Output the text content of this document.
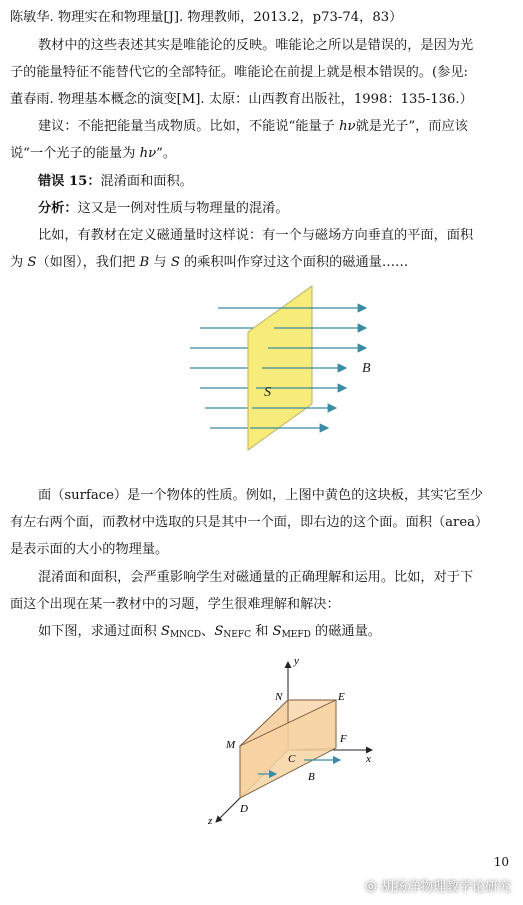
陈敏华. 物理实在和物理量[J]. 物理教师，2013.2，p73-74，83）
教材中的这些表述其实是唯能论的反映。唯能论之所以是错误的，是因为光
子的能量特征不能替代它的全部特征。唯能论在前提上就是根本错误的。(参见:
董春雨. 物理基本概念的演变[M]. 太原：山西教育出版社，1998：135-136.）
建议：不能把能量当成物质。比如，不能说“能量子 hν就是光子”，而应该
说“一个光子的能量为 hν”。
错误 15：混淆面和面积。
分析：这又是一例对性质与物理量的混淆。
比如，有教材在定义磁通量时这样说：有一个与磁场方向垂直的平面，面积
为 S（如图），我们把 B 与 S 的乘积叫作穿过这个面积的磁通量……
S
B
面（surface）是一个物体的性质。例如，上图中黄色的这块板，其实它至少
有左右两个面，而教材中选取的只是其中一个面，即右边的这个面。面积（area）
是表示面的大小的物理量。
混淆面和面积，会严重影响学生对磁通量的正确理解和运用。比如，对于下
面这个出现在某一教材中的习题，学生很难理解和解决：
如下图，求通过面积 $S_{MNCD}$、$S_{NEFC}$ 和 $S_{MEFD}$ 的磁通量。
y
x
z
N	E
M	F
C
D
B
10
◎ 胡扬洋物理教学论研究
